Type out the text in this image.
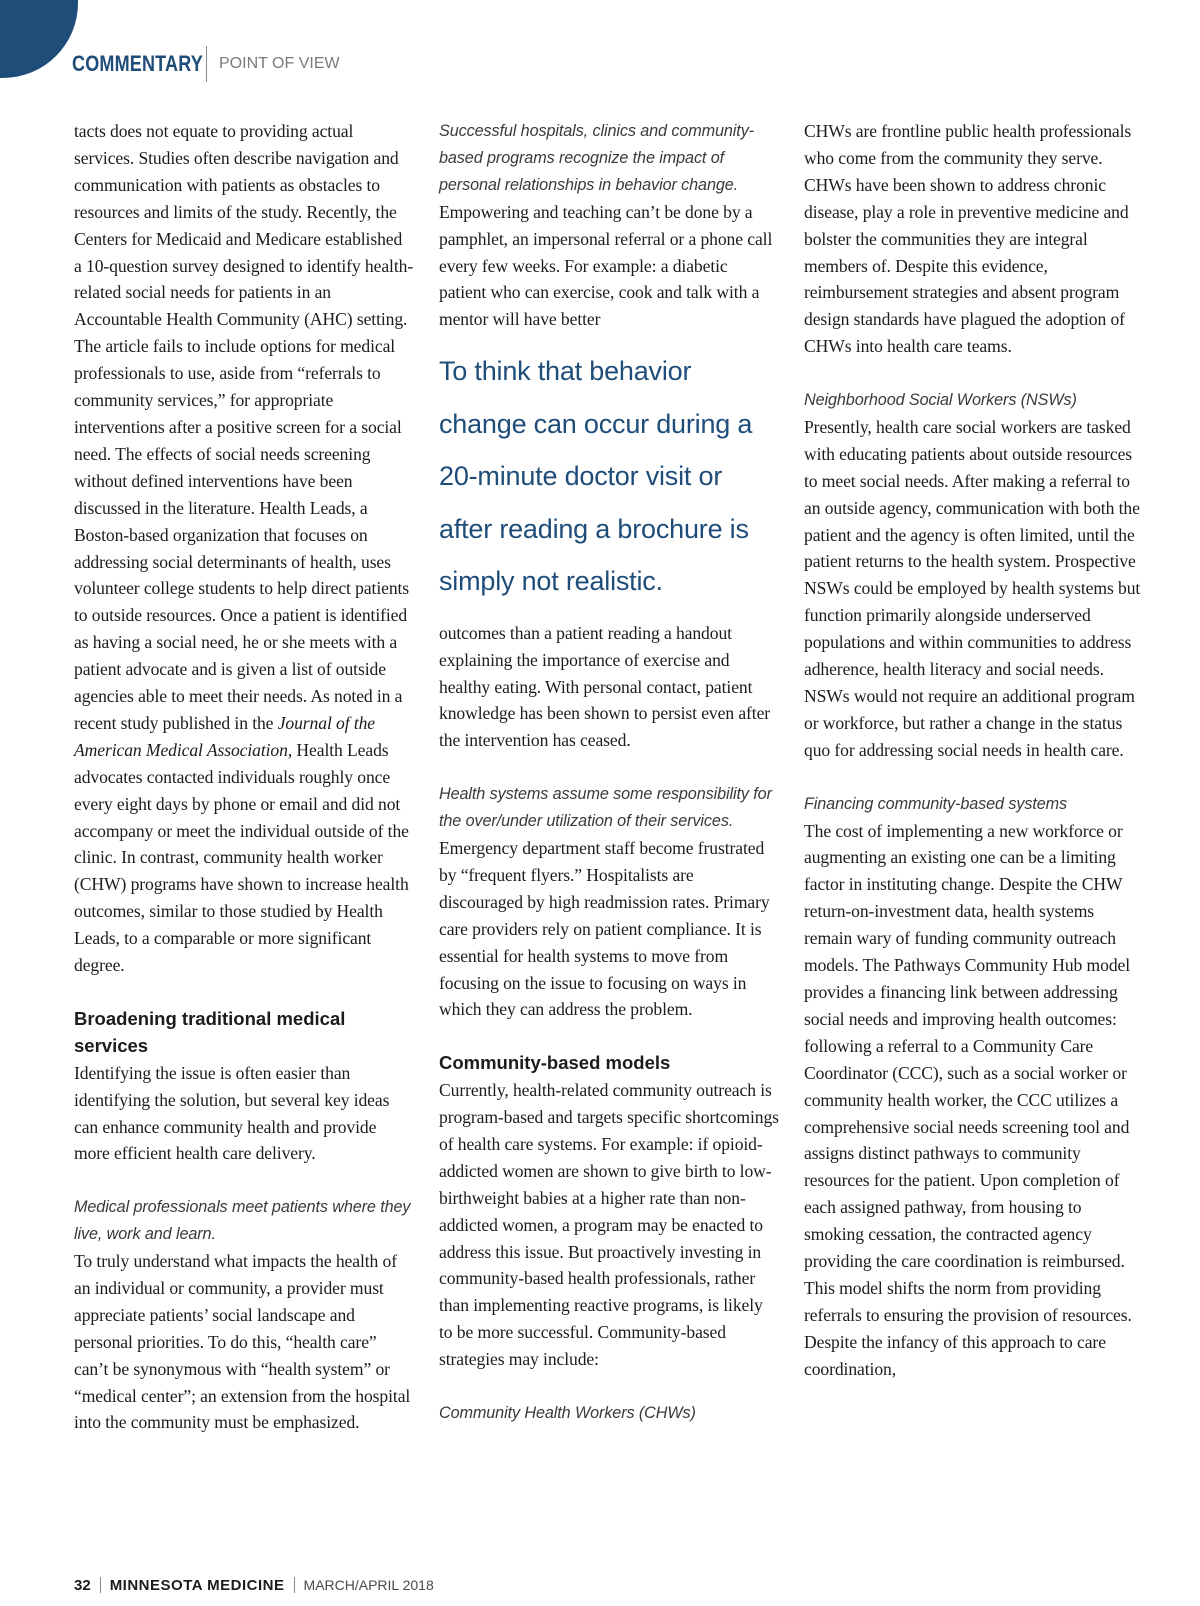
COMMENTARY POINT OF VIEW

tacts does not equate to providing actual services. Studies often describe navigation and communication with patients as obstacles to resources and limits of the study. Recently, the Centers for Medicaid and Medicare established a 10-question survey designed to identify health-related social needs for patients in an Accountable Health Community (AHC) setting. The article fails to include options for medical professionals to use, aside from “referrals to community services,” for appropriate interventions after a positive screen for a social need. The effects of social needs screening without defined interventions have been discussed in the literature. Health Leads, a Boston-based organization that focuses on addressing social determinants of health, uses volunteer college students to help direct patients to outside resources. Once a patient is identified as having a social need, he or she meets with a patient advocate and is given a list of outside agencies able to meet their needs. As noted in a recent study published in the Journal of the American Medical Association, Health Leads advocates contacted individuals roughly once every eight days by phone or email and did not accompany or meet the individual outside of the clinic. In contrast, community health worker (CHW) programs have shown to increase health outcomes, similar to those studied by Health Leads, to a comparable or more significant degree.

Broadening traditional medical services

Identifying the issue is often easier than identifying the solution, but several key ideas can enhance community health and provide more efficient health care delivery.

Medical professionals meet patients where they live, work and learn.

To truly understand what impacts the health of an individual or community, a provider must appreciate patients’ social landscape and personal priorities. To do this, “health care” can’t be synonymous with “health system” or “medical center”; an extension from the hospital into the community must be emphasized.

Successful hospitals, clinics and community-based programs recognize the impact of personal relationships in behavior change.

Empowering and teaching can’t be done by a pamphlet, an impersonal referral or a phone call every few weeks. For example: a diabetic patient who can exercise, cook and talk with a mentor will have better

To think that behavior change can occur during a 20-minute doctor visit or after reading a brochure is simply not realistic.

outcomes than a patient reading a handout explaining the importance of exercise and healthy eating. With personal contact, patient knowledge has been shown to persist even after the intervention has ceased.

Health systems assume some responsibility for the over/under utilization of their services.

Emergency department staff become frustrated by “frequent flyers.” Hospitalists are discouraged by high readmission rates. Primary care providers rely on patient compliance. It is essential for health systems to move from focusing on the issue to focusing on ways in which they can address the problem.

Community-based models

Currently, health-related community outreach is program-based and targets specific shortcomings of health care systems. For example: if opioid-addicted women are shown to give birth to low-birthweight babies at a higher rate than non-addicted women, a program may be enacted to address this issue. But proactively investing in community-based health professionals, rather than implementing reactive programs, is likely to be more successful. Community-based strategies may include:

Community Health Workers (CHWs)

CHWs are frontline public health professionals who come from the community they serve. CHWs have been shown to address chronic disease, play a role in preventive medicine and bolster the communities they are integral members of. Despite this evidence, reimbursement strategies and absent program design standards have plagued the adoption of CHWs into health care teams.

Neighborhood Social Workers (NSWs)

Presently, health care social workers are tasked with educating patients about outside resources to meet social needs. After making a referral to an outside agency, communication with both the patient and the agency is often limited, until the patient returns to the health system. Prospective NSWs could be employed by health systems but function primarily alongside underserved populations and within communities to address adherence, health literacy and social needs. NSWs would not require an additional program or workforce, but rather a change in the status quo for addressing social needs in health care.

Financing community-based systems

The cost of implementing a new workforce or augmenting an existing one can be a limiting factor in instituting change. Despite the CHW return-on-investment data, health systems remain wary of funding community outreach models. The Pathways Community Hub model provides a financing link between addressing social needs and improving health outcomes: following a referral to a Community Care Coordinator (CCC), such as a social worker or community health worker, the CCC utilizes a comprehensive social needs screening tool and assigns distinct pathways to community resources for the patient. Upon completion of each assigned pathway, from housing to smoking cessation, the contracted agency providing the care coordination is reimbursed. This model shifts the norm from providing referrals to ensuring the provision of resources. Despite the infancy of this approach to care coordination,

32 MINNESOTA MEDICINE MARCH/APRIL 2018
